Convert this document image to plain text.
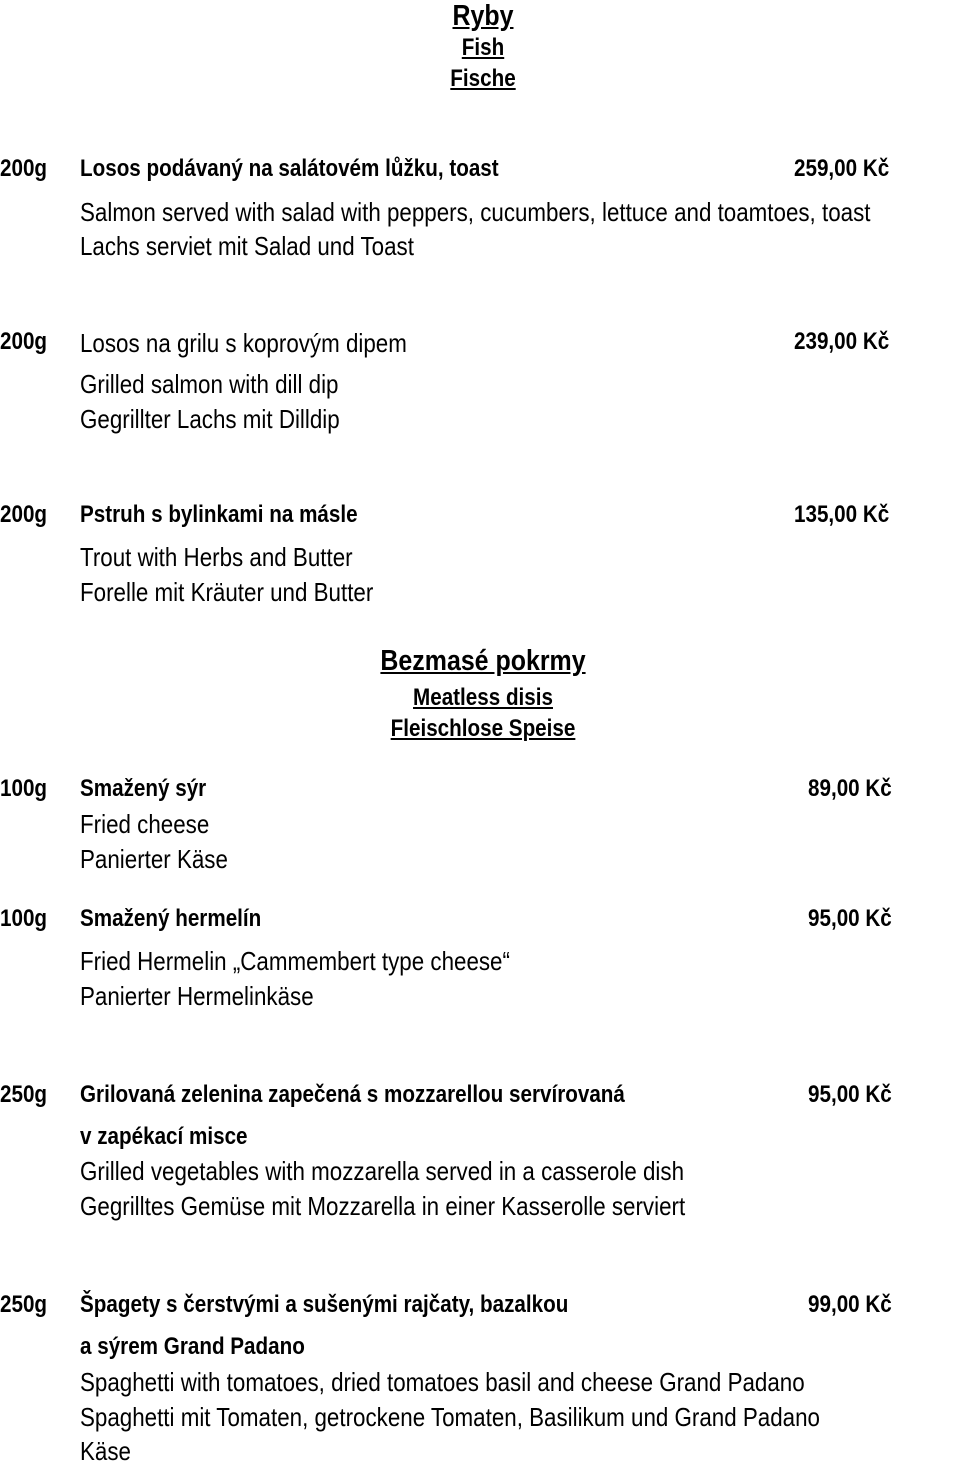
Ryby
Fish
Fische
200g Losos podávaný na salátovém lůžku, toast	259,00 Kč
Salmon served with salad with peppers, cucumbers, lettuce and toamtoes, toast
Lachs serviet mit Salad und Toast
200g Losos na grilu s koprovým dipem	239,00 Kč
Grilled salmon with dill dip
Gegrillter Lachs mit Dilldip
200g Pstruh s bylinkami na másle	135,00 Kč
Trout with Herbs and Butter
Forelle mit Kräuter und Butter
Bezmasé pokrmy
Meatless disis
Fleischlose Speise
100g Smažený sýr	89,00 Kč
Fried cheese
Panierter Käse
100g Smažený hermelín	95,00 Kč
Fried Hermelin „Cammembert type cheese“
Panierter Hermelinkäse
250g Grilovaná zelenina zapečená s mozzarellou servírovaná
v zapékací misce
95,00 Kč
Grilled vegetables with mozzarella served in a casserole dish
Gegrilltes Gemüse mit Mozzarella in einer Kasserolle serviert
250g Špagety s čerstvými a sušenými rajčaty, bazalkou
a sýrem Grand Padano
99,00 Kč
Spaghetti with tomatoes, dried tomatoes basil and cheese Grand Padano
Spaghetti mit Tomaten, getrockene Tomaten, Basilikum und Grand Padano
Käse
